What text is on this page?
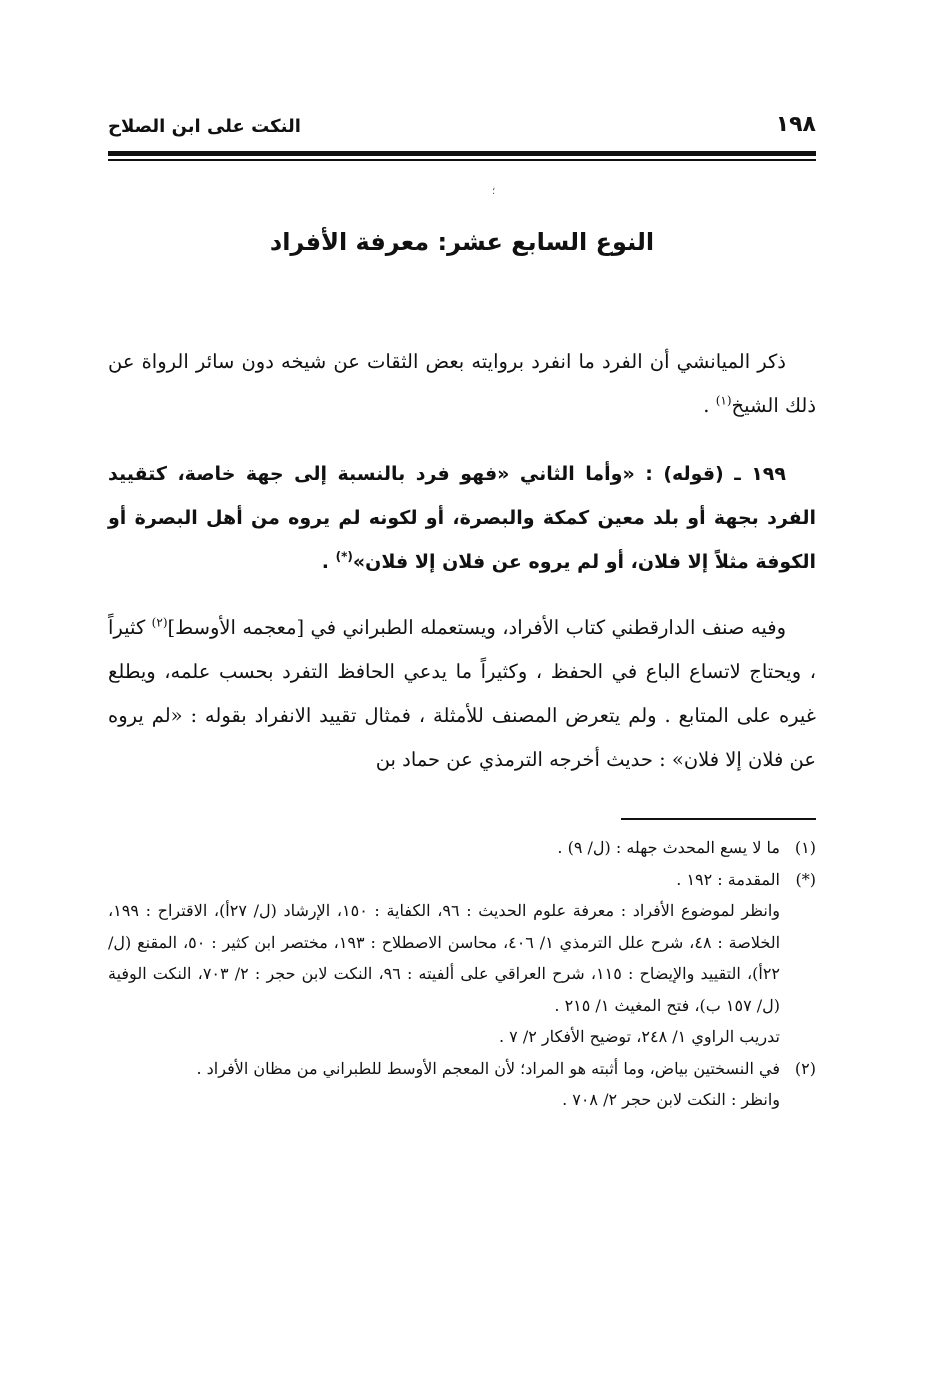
١٩٨
النكت على ابن الصلاح
؛
النوع السابع عشر: معرفة الأفراد
ذكر الميانشي أن الفرد ما انفرد بروايته بعض الثقات عن شيخه دون سائر الرواة عن ذلك الشيخ$^{(١)}$ .
١٩٩ ـ (قوله) : «وأما الثاني «فهو فرد بالنسبة إلى جهة خاصة، كتقييد الفرد بجهة أو بلد معين كمكة والبصرة، أو لكونه لم يروه من أهل البصرة أو الكوفة مثلاً إلا فلان، أو لم يروه عن فلان إلا فلان»(*) .
وفيه صنف الدارقطني كتاب الأفراد، ويستعمله الطبراني في [معجمه الأوسط]$^{(٢)}$ كثيراً ، ويحتاج لاتساع الباع في الحفظ ، وكثيراً ما يدعي الحافظ التفرد بحسب علمه، ويطلع غيره على المتابع . ولم يتعرض المصنف للأمثلة ، فمثال تقييد الانفراد بقوله : «لم يروه عن فلان إلا فلان» : حديث أخرجه الترمذي عن حماد بن
(١)ما لا يسع المحدث جهله : (ل/ ٩) .
(*)المقدمة : ١٩٢ .
وانظر لموضوع الأفراد : معرفة علوم الحديث : ٩٦، الكفاية : ١٥٠، الإرشاد (ل/ ٢٧أ)، الاقتراح : ١٩٩، الخلاصة : ٤٨، شرح علل الترمذي ١/ ٤٠٦، محاسن الاصطلاح : ١٩٣، مختصر ابن كثير : ٥٠، المقنع (ل/ ٢٢أ)، التقييد والإيضاح : ١١٥، شرح العراقي على ألفيته : ٩٦، النكت لابن حجر : ٢/ ٧٠٣، النكت الوفية (ل/ ١٥٧ ب)، فتح المغيث ١/ ٢١٥ .
تدريب الراوي ١/ ٢٤٨، توضيح الأفكار ٢/ ٧ .
(٢)في النسختين بياض، وما أثبته هو المراد؛ لأن المعجم الأوسط للطبراني من مظان الأفراد .
وانظر : النكت لابن حجر ٢/ ٧٠٨ .
